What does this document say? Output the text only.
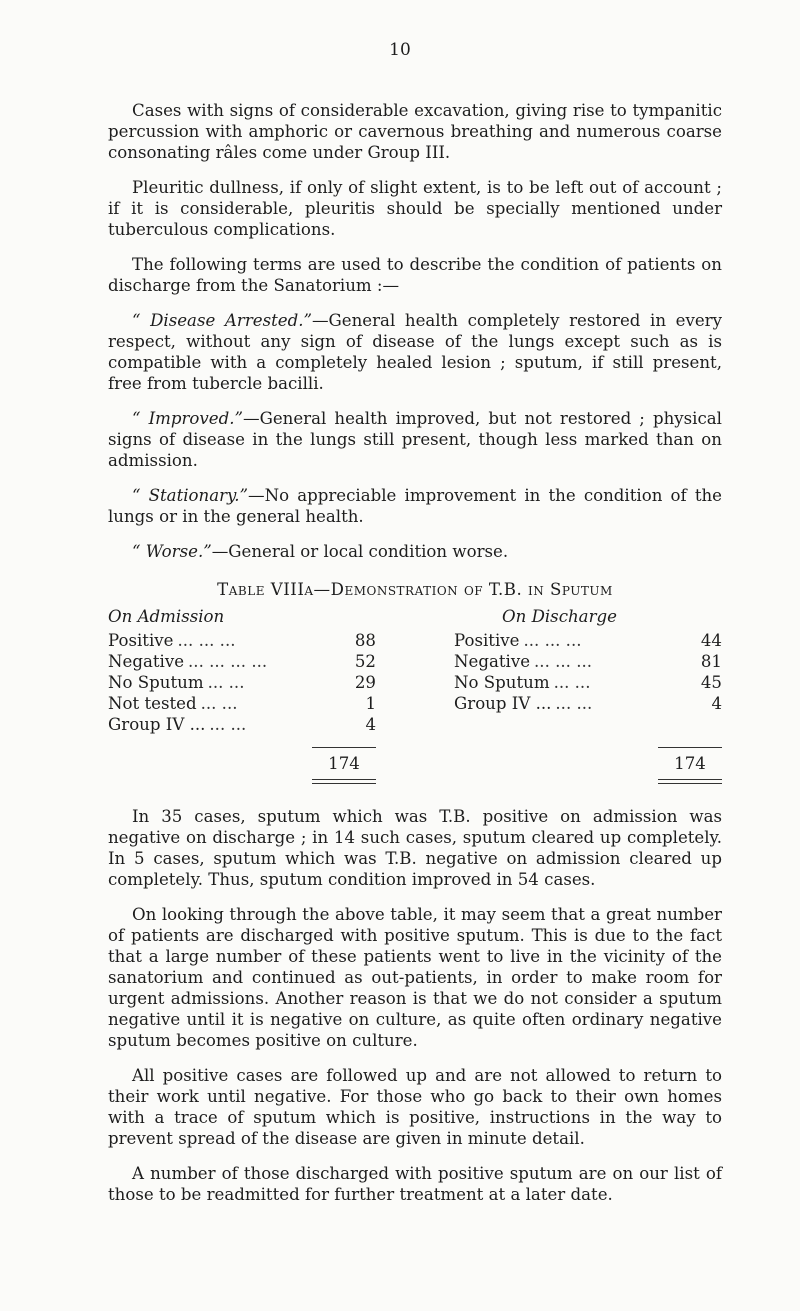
10

Cases with signs of considerable excavation, giving rise to tympanitic percussion with amphoric or cavernous breathing and numerous coarse consonating râles come under Group III.

Pleuritic dullness, if only of slight extent, is to be left out of account ; if it is considerable, pleuritis should be specially mentioned under tuberculous complications.

The following terms are used to describe the condition of patients on discharge from the Sanatorium :—

“ Disease Arrested.”—General health completely restored in every respect, without any sign of disease of the lungs except such as is compatible with a completely healed lesion ; sputum, if still present, free from tubercle bacilli.

“ Improved.”—General health improved, but not restored ; physical signs of disease in the lungs still present, though less marked than on admission.

“ Stationary.”—No appreciable improvement in the condition of the lungs or in the general health.

“ Worse.”—General or local condition worse.

Table VIIIa—Demonstration of T.B. in Sputum
On Admission
Positive ... ... ...	88
Negative ... ... ... ...	52
No Sputum ... ...	29
Not tested ... ...	1
Group IV ... ... ...	4
174
On Discharge
Positive ... ... ...	44
Negative ... ... ...	81
No Sputum ... ...	45
Group IV ... ... ...	4
174

In 35 cases, sputum which was T.B. positive on admission was negative on discharge ; in 14 such cases, sputum cleared up completely. In 5 cases, sputum which was T.B. negative on admission cleared up completely. Thus, sputum condition improved in 54 cases.

On looking through the above table, it may seem that a great number of patients are discharged with positive sputum. This is due to the fact that a large number of these patients went to live in the vicinity of the sanatorium and continued as out-patients, in order to make room for urgent admissions. Another reason is that we do not consider a sputum negative until it is negative on culture, as quite often ordinary negative sputum becomes positive on culture.

All positive cases are followed up and are not allowed to return to their work until negative. For those who go back to their own homes with a trace of sputum which is positive, instructions in the way to prevent spread of the disease are given in minute detail.

A number of those discharged with positive sputum are on our list of those to be readmitted for further treatment at a later date.
